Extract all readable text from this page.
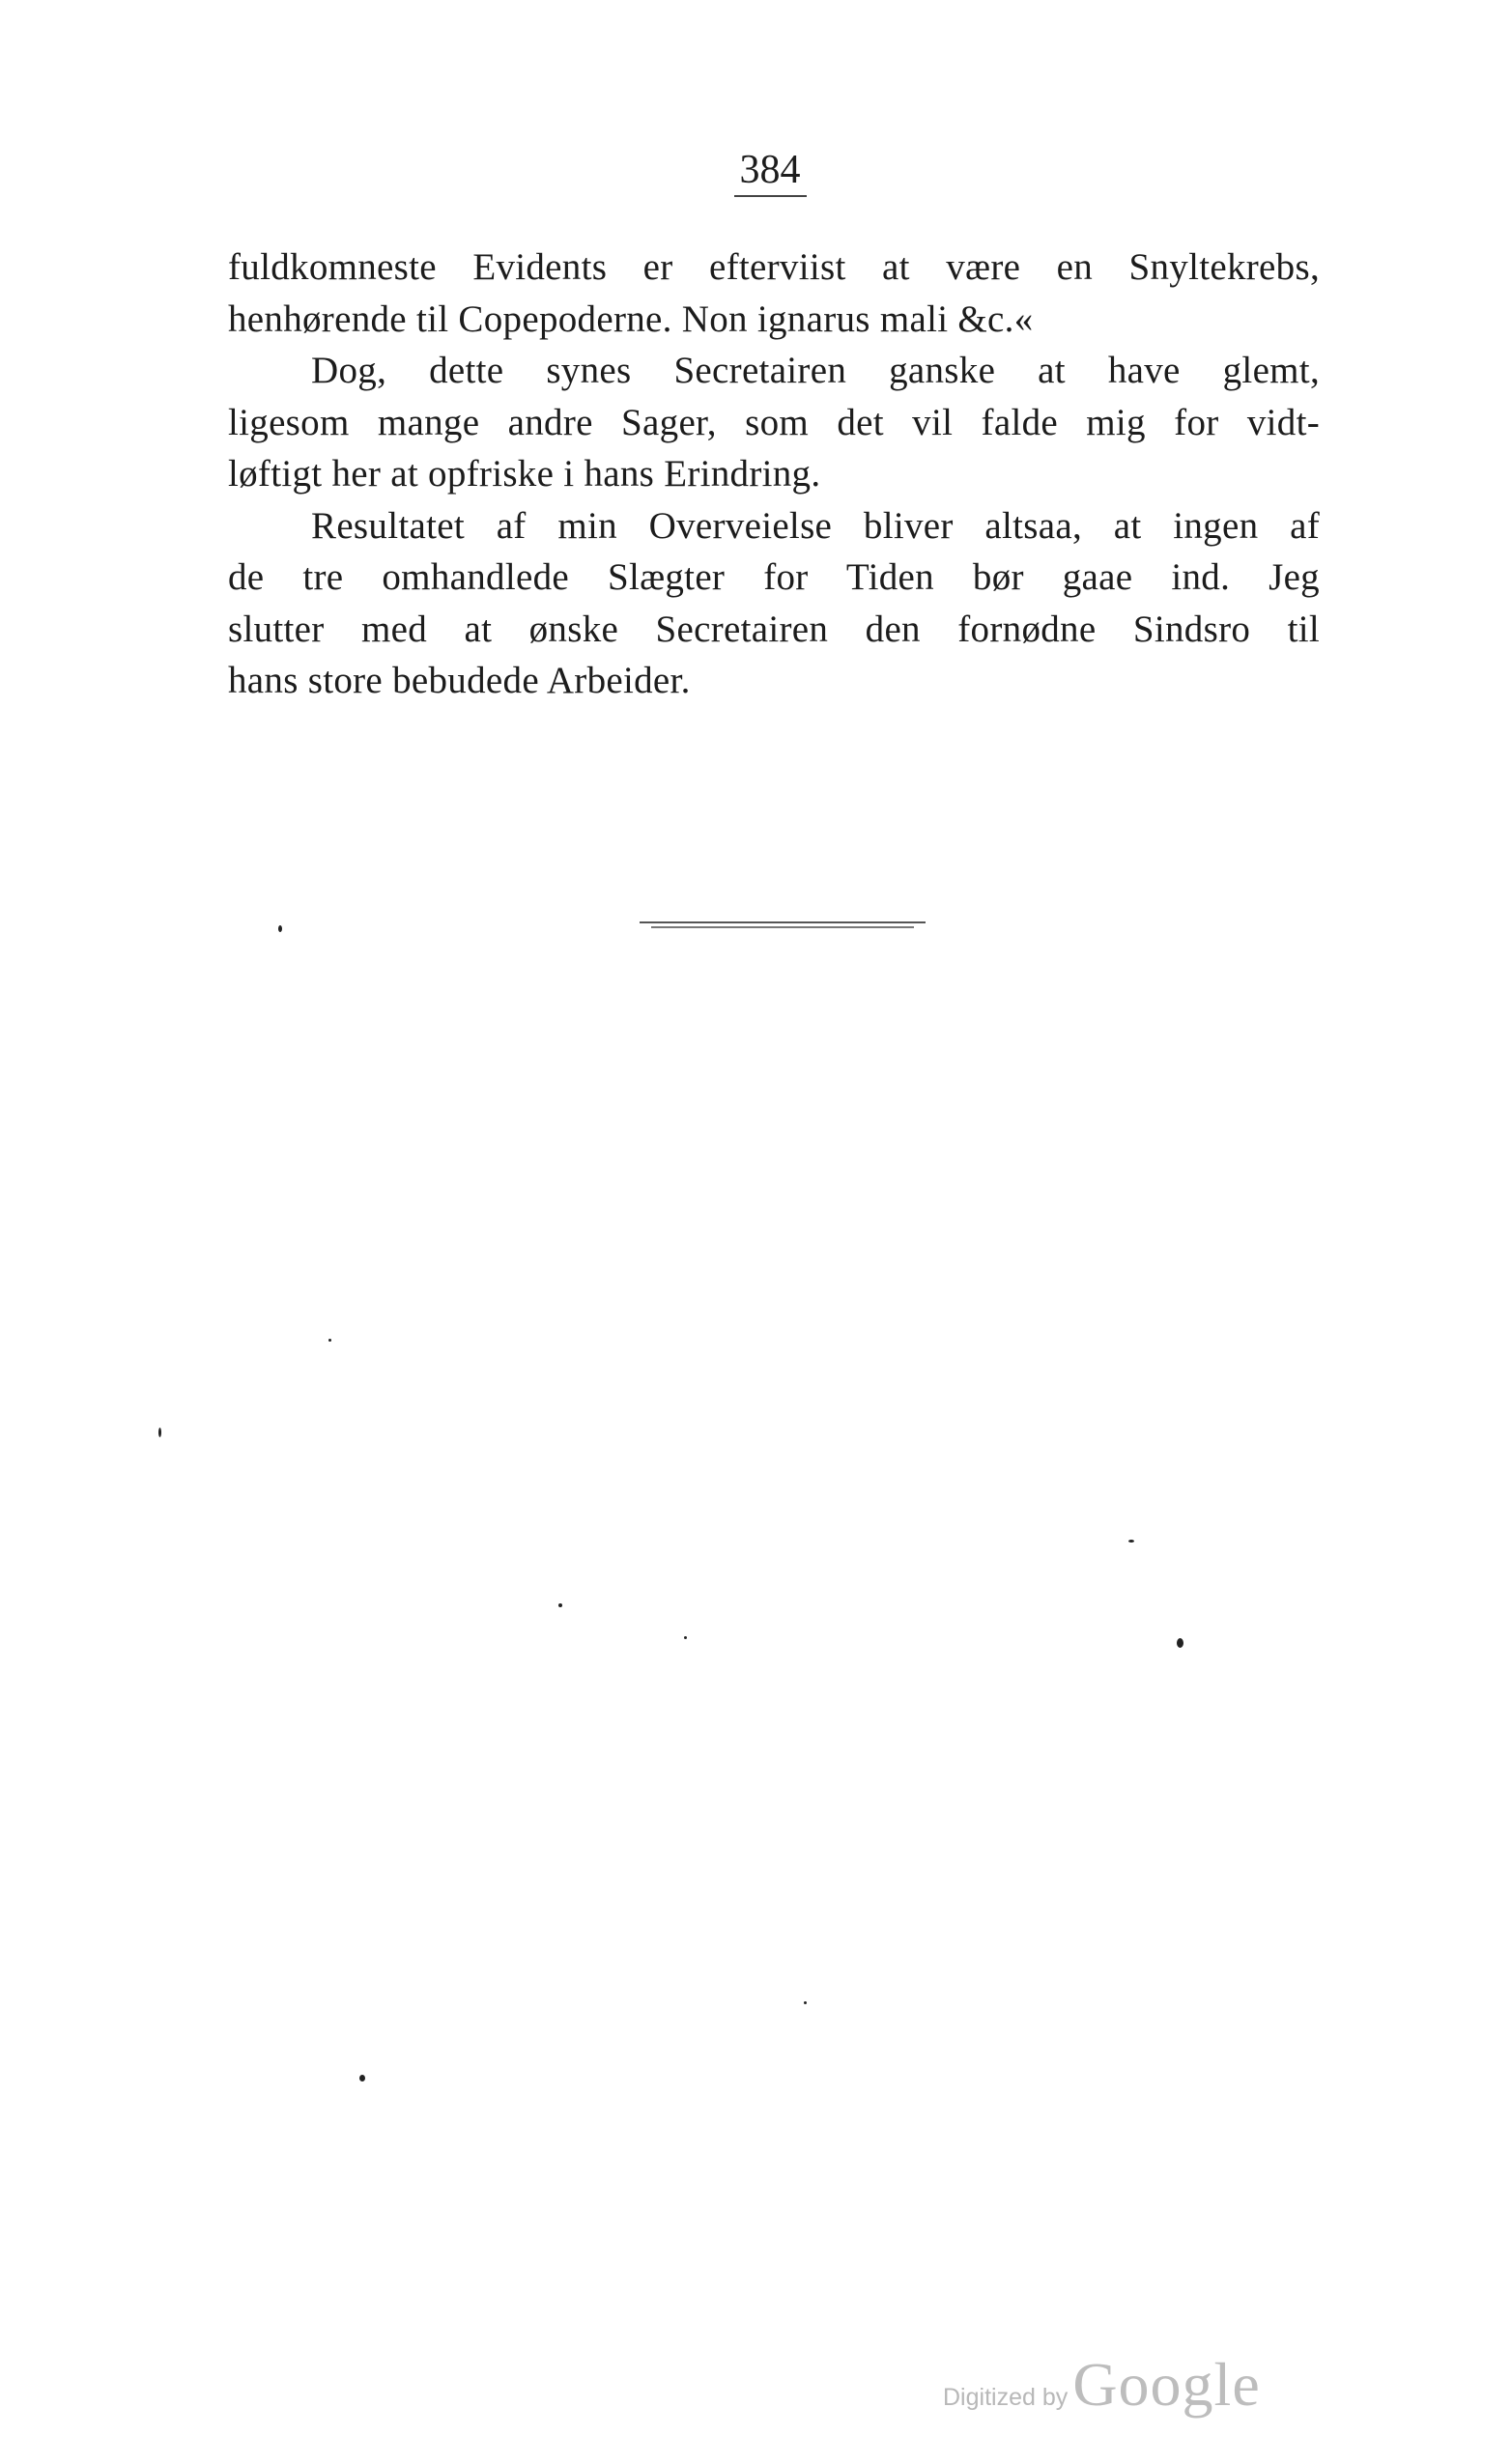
384
fuldkomneste Evidents er efterviist at være en Snyltekrebs,
henhørende til Copepoderne. Non ignarus mali &c.«
Dog, dette synes Secretairen ganske at have glemt,
ligesom mange andre Sager, som det vil falde mig for vidt-
løftigt her at opfriske i hans Erindring.
Resultatet af min Overveielse bliver altsaa, at ingen af
de tre omhandlede Slægter for Tiden bør gaae ind. Jeg
slutter med at ønske Secretairen den fornødne Sindsro til
hans store bebudede Arbeider.
Digitized by Google
